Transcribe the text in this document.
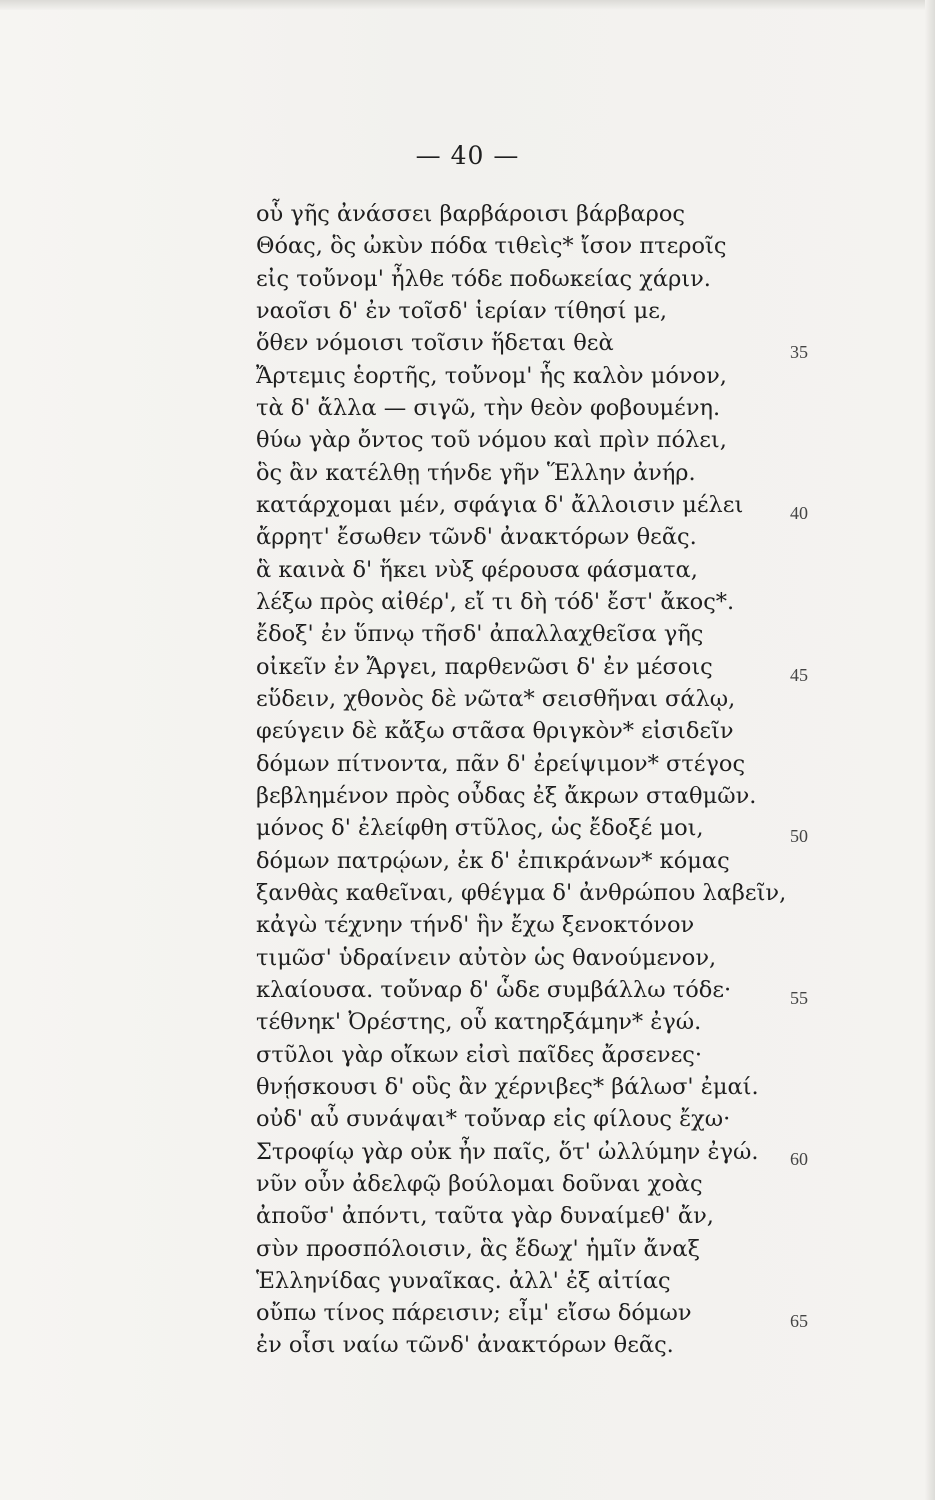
— 40 —
οὗ γῆς ἀνάσσει βαρβάροισι βάρβαρος
Θόας, ὃς ὠκὺν πόδα τιθεὶς* ἴσον πτεροῖς
εἰς τοὔνομ' ἦλθε τόδε ποδωκείας χάριν.
ναοῖσι δ' ἐν τοῖσδ' ἱερίαν τίθησί με,
ὅθεν νόμοισι τοῖσιν ἥδεται θεὰ
Ἄρτεμις ἑορτῆς, τοὔνομ' ἧς καλὸν μόνον,
τὰ δ' ἄλλα — σιγῶ, τὴν θεὸν φοβουμένη.
θύω γὰρ ὄντος τοῦ νόμου καὶ πρὶν πόλει,
ὃς ἂν κατέλθῃ τήνδε γῆν Ἕλλην ἀνήρ.
κατάρχομαι μέν, σφάγια δ' ἄλλοισιν μέλει
ἄρρητ' ἔσωθεν τῶνδ' ἀνακτόρων θεᾶς.
ἃ καινὰ δ' ἥκει νὺξ φέρουσα φάσματα,
λέξω πρὸς αἰθέρ', εἴ τι δὴ τόδ' ἔστ' ἄκος*.
ἔδοξ' ἐν ὕπνῳ τῆσδ' ἀπαλλαχθεῖσα γῆς
οἰκεῖν ἐν Ἄργει, παρθενῶσι δ' ἐν μέσοις
εὕδειν, χθονὸς δὲ νῶτα* σεισθῆναι σάλῳ,
φεύγειν δὲ κἄξω στᾶσα θριγκὸν* εἰσιδεῖν
δόμων πίτνοντα, πᾶν δ' ἐρείψιμον* στέγος
βεβλημένον πρὸς οὖδας ἐξ ἄκρων σταθμῶν.
μόνος δ' ἐλείφθη στῦλος, ὡς ἔδοξέ μοι,
δόμων πατρῴων, ἐκ δ' ἐπικράνων* κόμας
ξανθὰς καθεῖναι, φθέγμα δ' ἀνθρώπου λαβεῖν,
κἀγὼ τέχνην τήνδ' ἣν ἔχω ξενοκτόνον
τιμῶσ' ὑδραίνειν αὐτὸν ὡς θανούμενον,
κλαίουσα. τοὔναρ δ' ὧδε συμβάλλω τόδε·
τέθνηκ' Ὀρέστης, οὗ κατηρξάμην* ἐγώ.
στῦλοι γὰρ οἴκων εἰσὶ παῖδες ἄρσενες·
θνῄσκουσι δ' οὓς ἂν χέρνιβες* βάλωσ' ἐμαί.
οὐδ' αὖ συνάψαι* τοὔναρ εἰς φίλους ἔχω·
Στροφίῳ γὰρ οὐκ ἦν παῖς, ὅτ' ὠλλύμην ἐγώ.
νῦν οὖν ἀδελφῷ βούλομαι δοῦναι χοὰς
ἀποῦσ' ἀπόντι, ταῦτα γὰρ δυναίμεθ' ἄν,
σὺν προσπόλοισιν, ἃς ἔδωχ' ἡμῖν ἄναξ
Ἑλληνίδας γυναῖκας. ἀλλ' ἐξ αἰτίας
οὔπω τίνος πάρεισιν; εἶμ' εἴσω δόμων
ἐν οἷσι ναίω τῶνδ' ἀνακτόρων θεᾶς.
35
40
45
50
55
60
65
